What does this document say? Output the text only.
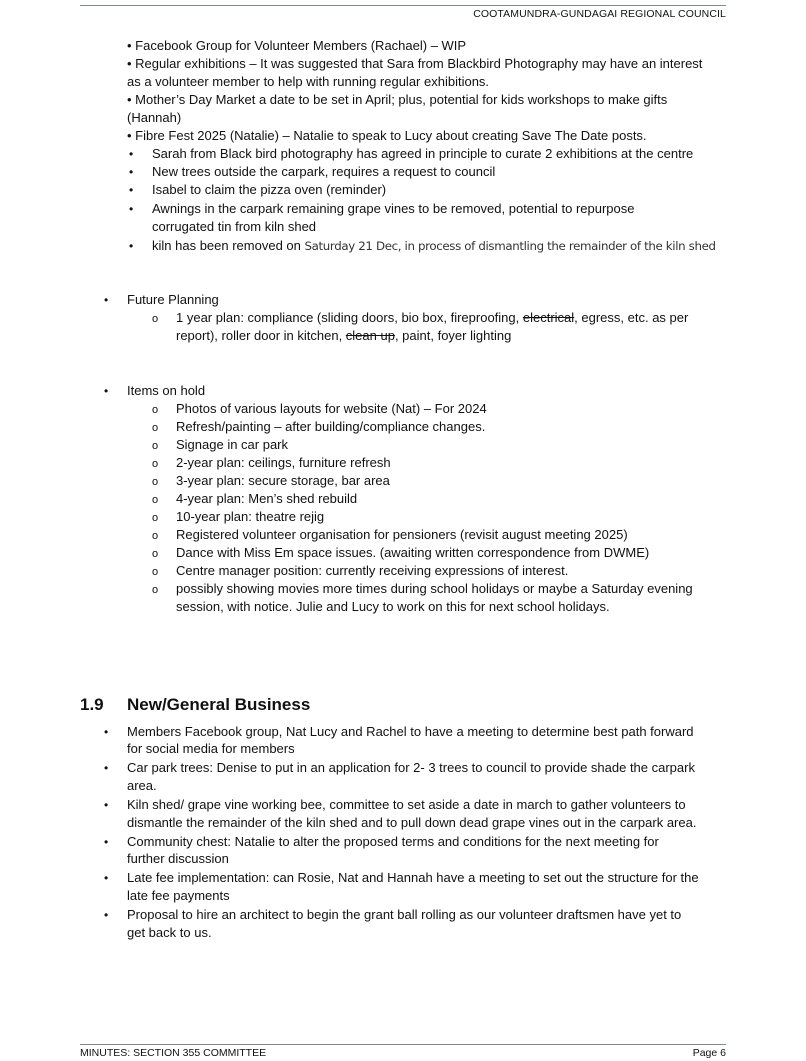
COOTAMUNDRA-GUNDAGAI REGIONAL COUNCIL
• Facebook Group for Volunteer Members (Rachael) – WIP
• Regular exhibitions – It was suggested that Sara from Blackbird Photography may have an interest
as a volunteer member to help with running regular exhibitions.
• Mother’s Day Market a date to be set in April; plus, potential for kids workshops to make gifts
(Hannah)
• Fibre Fest 2025 (Natalie) – Natalie to speak to Lucy about creating Save The Date posts.
• Sarah from Black bird photography has agreed in principle to curate 2 exhibitions at the centre
• New trees outside the carpark, requires a request to council
• Isabel to claim the pizza oven (reminder)
• Awnings in the carpark remaining grape vines to be removed, potential to repurpose
corrugated tin from kiln shed
• kiln has been removed on Saturday 21 Dec, in process of dismantling the remainder of the kiln shed
• Future Planning
o 1 year plan: compliance (sliding doors, bio box, fireproofing, electrical, egress, etc. as per
report), roller door in kitchen, clean up, paint, foyer lighting
• Items on hold
o Photos of various layouts for website (Nat) – For 2024
o Refresh/painting – after building/compliance changes.
o Signage in car park
o 2-year plan: ceilings, furniture refresh
o 3-year plan: secure storage, bar area
o 4-year plan: Men’s shed rebuild
o 10-year plan: theatre rejig
o Registered volunteer organisation for pensioners (revisit august meeting 2025)
o Dance with Miss Em space issues. (awaiting written correspondence from DWME)
o Centre manager position: currently receiving expressions of interest.
o possibly showing movies more times during school holidays or maybe a Saturday evening
session, with notice. Julie and Lucy to work on this for next school holidays.
1.9 New/General Business
• Members Facebook group, Nat Lucy and Rachel to have a meeting to determine best path forward
for social media for members
• Car park trees: Denise to put in an application for 2- 3 trees to council to provide shade the carpark
area.
• Kiln shed/ grape vine working bee, committee to set aside a date in march to gather volunteers to
dismantle the remainder of the kiln shed and to pull down dead grape vines out in the carpark area.
• Community chest: Natalie to alter the proposed terms and conditions for the next meeting for
further discussion
• Late fee implementation: can Rosie, Nat and Hannah have a meeting to set out the structure for the
late fee payments
• Proposal to hire an architect to begin the grant ball rolling as our volunteer draftsmen have yet to
get back to us.
MINUTES: SECTION 355 COMMITTEE	Page 6
